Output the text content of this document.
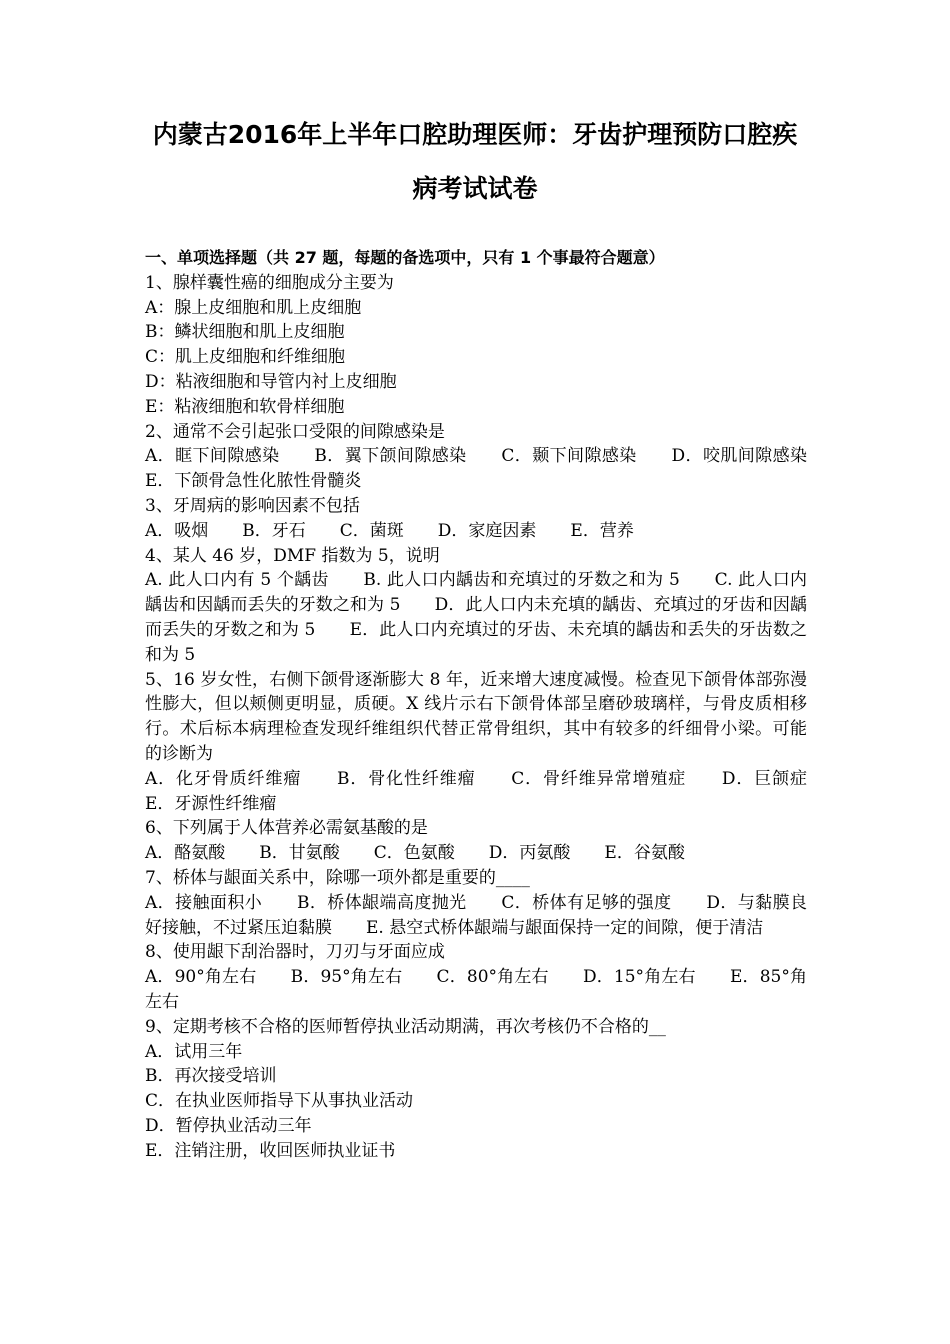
内蒙古2016年上半年口腔助理医师：牙齿护理预防口腔疾病考试试卷
一、单项选择题（共 27 题，每题的备选项中，只有 1 个事最符合题意）
1、腺样囊性癌的细胞成分主要为
A：腺上皮细胞和肌上皮细胞
B：鳞状细胞和肌上皮细胞
C：肌上皮细胞和纤维细胞
D：粘液细胞和导管内衬上皮细胞
E：粘液细胞和软骨样细胞
2、通常不会引起张口受限的间隙感染是
A．眶下间隙感染　　B．翼下颌间隙感染　　C．颞下间隙感染　　D．咬肌间隙感染　　E．下颌骨急性化脓性骨髓炎
3、牙周病的影响因素不包括
A．吸烟　　B．牙石　　C．菌斑　　D．家庭因素　　E．营养
4、某人 46 岁，DMF 指数为 5，说明
A. 此人口内有 5 个龋齿　　B. 此人口内龋齿和充填过的牙数之和为 5　　C. 此人口内龋齿和因龋而丢失的牙数之和为 5　　D．此人口内未充填的龋齿、充填过的牙齿和因龋而丢失的牙数之和为 5　　E．此人口内充填过的牙齿、未充填的龋齿和丢失的牙齿数之和为 5
5、16 岁女性，右侧下颌骨逐渐膨大 8 年，近来增大速度减慢。检查见下颌骨体部弥漫性膨大，但以颊侧更明显，质硬。X 线片示右下颌骨体部呈磨砂玻璃样，与骨皮质相移行。术后标本病理检查发现纤维组织代替正常骨组织，其中有较多的纤细骨小梁。可能的诊断为
A．化牙骨质纤维瘤　　B．骨化性纤维瘤　　C．骨纤维异常增殖症　　D．巨颌症　　E．牙源性纤维瘤
6、下列属于人体营养必需氨基酸的是
A．酪氨酸　　B．甘氨酸　　C．色氨酸　　D．丙氨酸　　E．谷氨酸
7、桥体与龈面关系中，除哪一项外都是重要的____
A．接触面积小　　B．桥体龈端高度抛光　　C．桥体有足够的强度　　D．与黏膜良好接触，不过紧压迫黏膜　　E. 悬空式桥体龈端与龈面保持一定的间隙，便于清洁
8、使用龈下刮治器时，刀刃与牙面应成
A．90°角左右　　B．95°角左右　　C．80°角左右　　D．15°角左右　　E．85°角左右
9、定期考核不合格的医师暂停执业活动期满，再次考核仍不合格的__
A．试用三年
B．再次接受培训
C．在执业医师指导下从事执业活动
D．暂停执业活动三年
E．注销注册，收回医师执业证书
